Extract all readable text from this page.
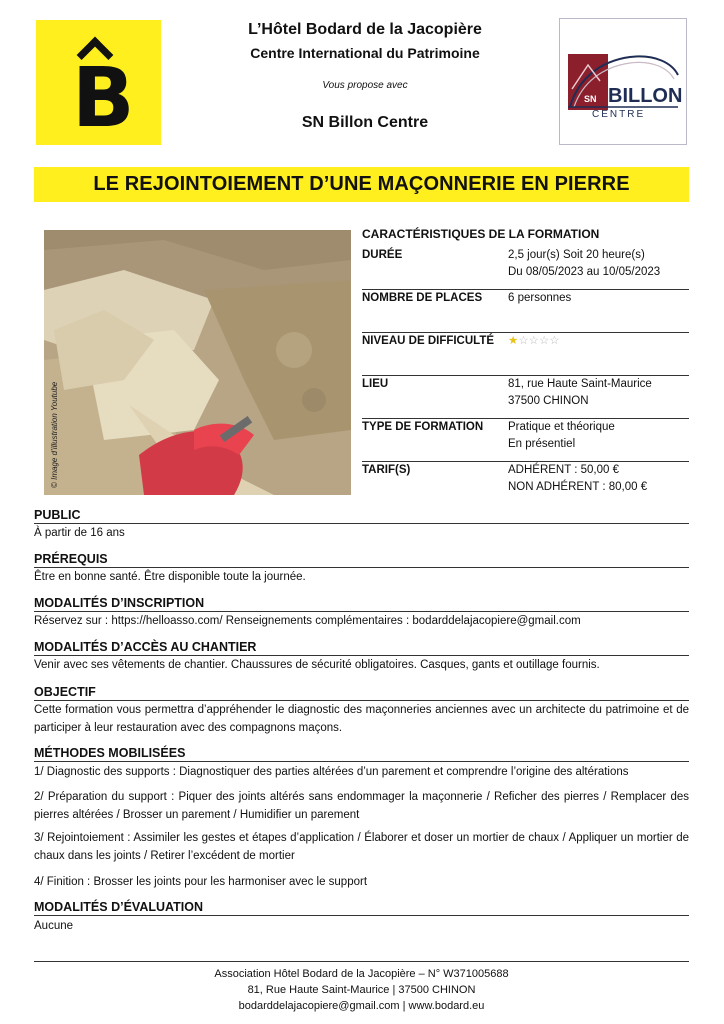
B
L’Hôtel Bodard de la Jacopière
Centre International du Patrimoine
Vous propose avec
SN Billon Centre
SN BILLON
CENTRE
LE REJOINTOIEMENT D’UNE MAÇONNERIE EN PIERRE
© Image d’illustration Youtube
CARACTÉRISTIQUES DE LA FORMATION
DURÉE	2,5 jour(s) Soit 20 heure(s)
Du 08/05/2023 au 10/05/2023
NOMBRE DE PLACES 6 personnes
NIVEAU DE DIFFICULTÉ ★☆☆☆☆
LIEU	81, rue Haute Saint-Maurice
37500 CHINON
TYPE DE FORMATION Pratique et théorique
En présentiel
TARIF(S)	ADHÉRENT : 50,00 €
NON ADHÉRENT : 80,00 €
PUBLIC
À partir de 16 ans
PRÉREQUIS
Être en bonne santé. Être disponible toute la journée.
MODALITÉS D’INSCRIPTION
Réservez sur : https://helloasso.com/ Renseignements complémentaires : bodarddelajacopiere@gmail.com
MODALITÉS D’ACCÈS AU CHANTIER
Venir avec ses vêtements de chantier. Chaussures de sécurité obligatoires. Casques, gants et outillage fournis.
OBJECTIF
Cette formation vous permettra d’appréhender le diagnostic des maçonneries anciennes avec un architecte du patrimoine et de participer à leur restauration avec des compagnons maçons.
MÉTHODES MOBILISÉES
1/ Diagnostic des supports : Diagnostiquer des parties altérées d’un parement et comprendre l’origine des altérations
2/ Préparation du support : Piquer des joints altérés sans endommager la maçonnerie / Reficher des pierres / Remplacer des pierres altérées / Brosser un parement / Humidifier un parement
3/ Rejointoiement : Assimiler les gestes et étapes d’application / Élaborer et doser un mortier de chaux / Appliquer un mortier de chaux dans les joints / Retirer l’excédent de mortier
4/ Finition : Brosser les joints pour les harmoniser avec le support
MODALITÉS D’ÉVALUATION
Aucune
Association Hôtel Bodard de la Jacopière – N° W371005688
81, Rue Haute Saint-Maurice | 37500 CHINON
bodarddelajacopiere@gmail.com | www.bodard.eu
